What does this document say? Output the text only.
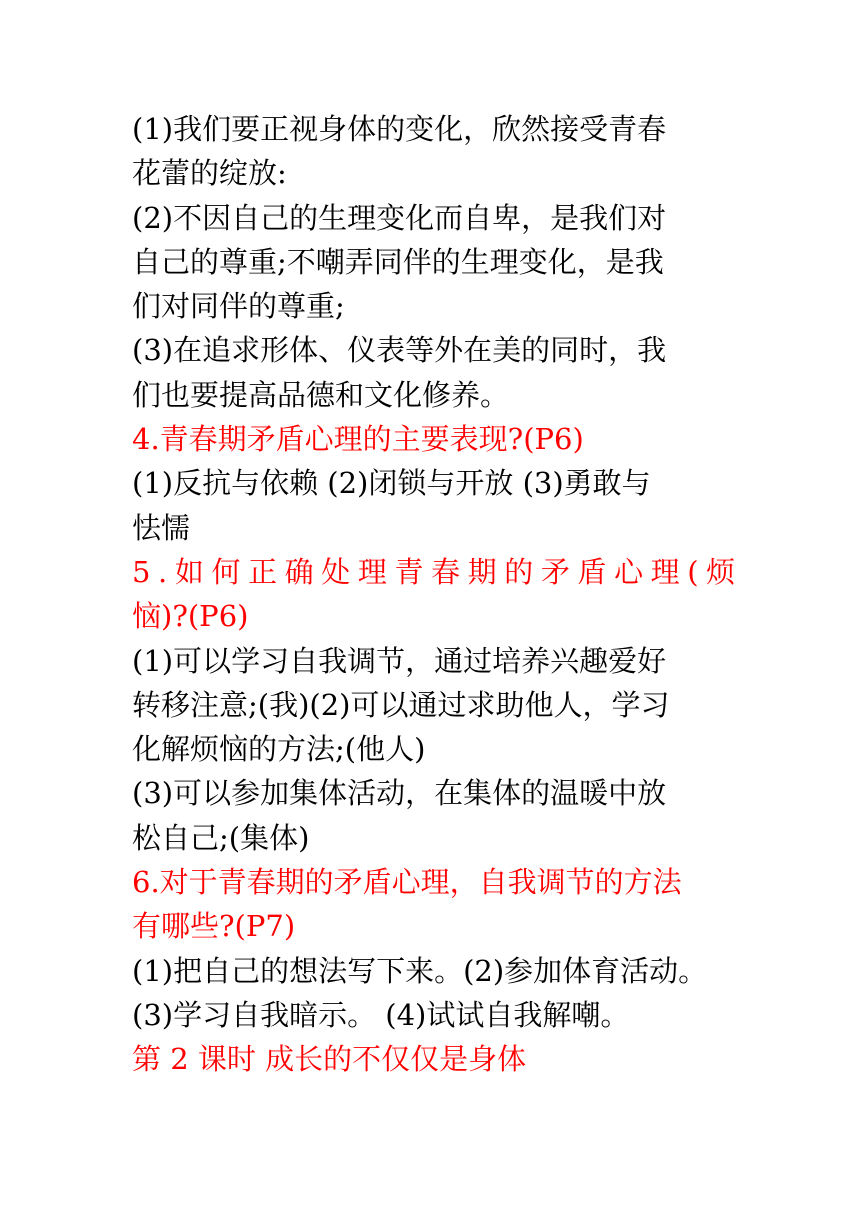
(1)我们要正视身体的变化，欣然接受青春
花蕾的绽放:
(2)不因自己的生理变化而自卑，是我们对
自己的尊重;不嘲弄同伴的生理变化，是我
们对同伴的尊重;
(3)在追求形体、仪表等外在美的同时，我
们也要提高品德和文化修养。
4.青春期矛盾心理的主要表现?(P6)
(1)反抗与依赖 (2)闭锁与开放 (3)勇敢与
怯懦
5.如何正确处理青春期的矛盾心理(烦
恼)?(P6)
(1)可以学习自我调节，通过培养兴趣爱好
转移注意;(我)(2)可以通过求助他人，学习
化解烦恼的方法;(他人)
(3)可以参加集体活动，在集体的温暖中放
松自己;(集体)
6.对于青春期的矛盾心理，自我调节的方法
有哪些?(P7)
(1)把自己的想法写下来。(2)参加体育活动。
(3)学习自我暗示。 (4)试试自我解嘲。
第 2 课时 成长的不仅仅是身体
